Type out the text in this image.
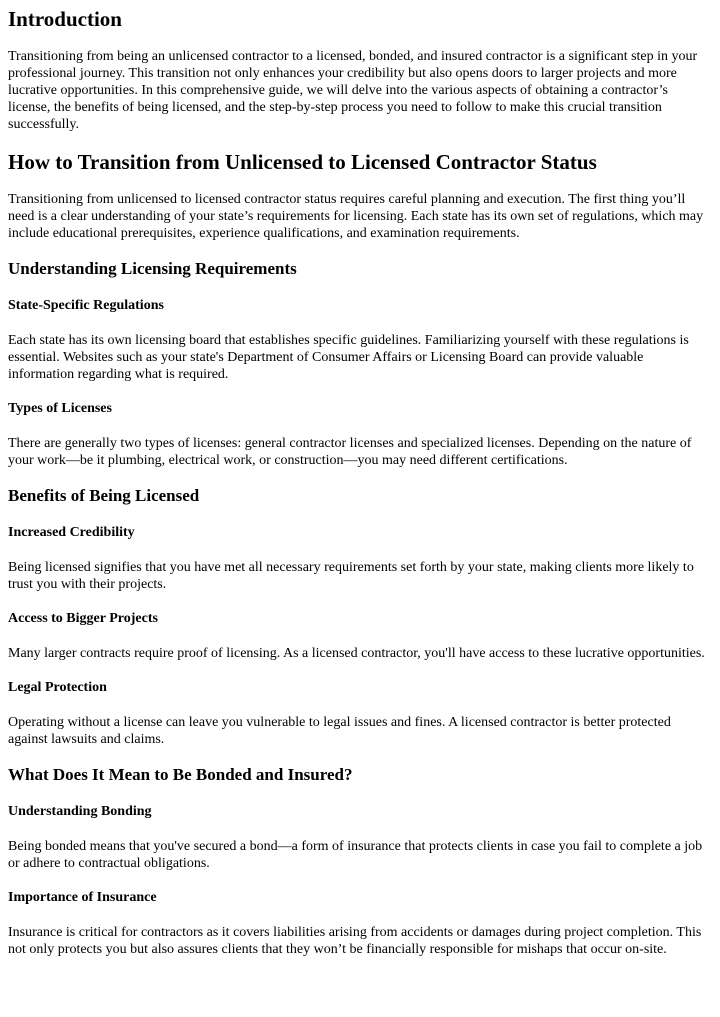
Introduction

Transitioning from being an unlicensed contractor to a licensed, bonded, and insured contractor is a significant step in your professional journey. This transition not only enhances your credibility but also opens doors to larger projects and more lucrative opportunities. In this comprehensive guide, we will delve into the various aspects of obtaining a contractor’s license, the benefits of being licensed, and the step-by-step process you need to follow to make this crucial transition successfully.

How to Transition from Unlicensed to Licensed Contractor Status

Transitioning from unlicensed to licensed contractor status requires careful planning and execution. The first thing you’ll need is a clear understanding of your state’s requirements for licensing. Each state has its own set of regulations, which may include educational prerequisites, experience qualifications, and examination requirements.

Understanding Licensing Requirements
State-Specific Regulations

Each state has its own licensing board that establishes specific guidelines. Familiarizing yourself with these regulations is essential. Websites such as your state's Department of Consumer Affairs or Licensing Board can provide valuable information regarding what is required.

Types of Licenses

There are generally two types of licenses: general contractor licenses and specialized licenses. Depending on the nature of your work—be it plumbing, electrical work, or construction—you may need different certifications.

Benefits of Being Licensed
Increased Credibility

Being licensed signifies that you have met all necessary requirements set forth by your state, making clients more likely to trust you with their projects.

Access to Bigger Projects

Many larger contracts require proof of licensing. As a licensed contractor, you'll have access to these lucrative opportunities.

Legal Protection

Operating without a license can leave you vulnerable to legal issues and fines. A licensed contractor is better protected against lawsuits and claims.

What Does It Mean to Be Bonded and Insured?
Understanding Bonding

Being bonded means that you've secured a bond—a form of insurance that protects clients in case you fail to complete a job or adhere to contractual obligations.

Importance of Insurance

Insurance is critical for contractors as it covers liabilities arising from accidents or damages during project completion. This not only protects you but also assures clients that they won’t be financially responsible for mishaps that occur on-site.
